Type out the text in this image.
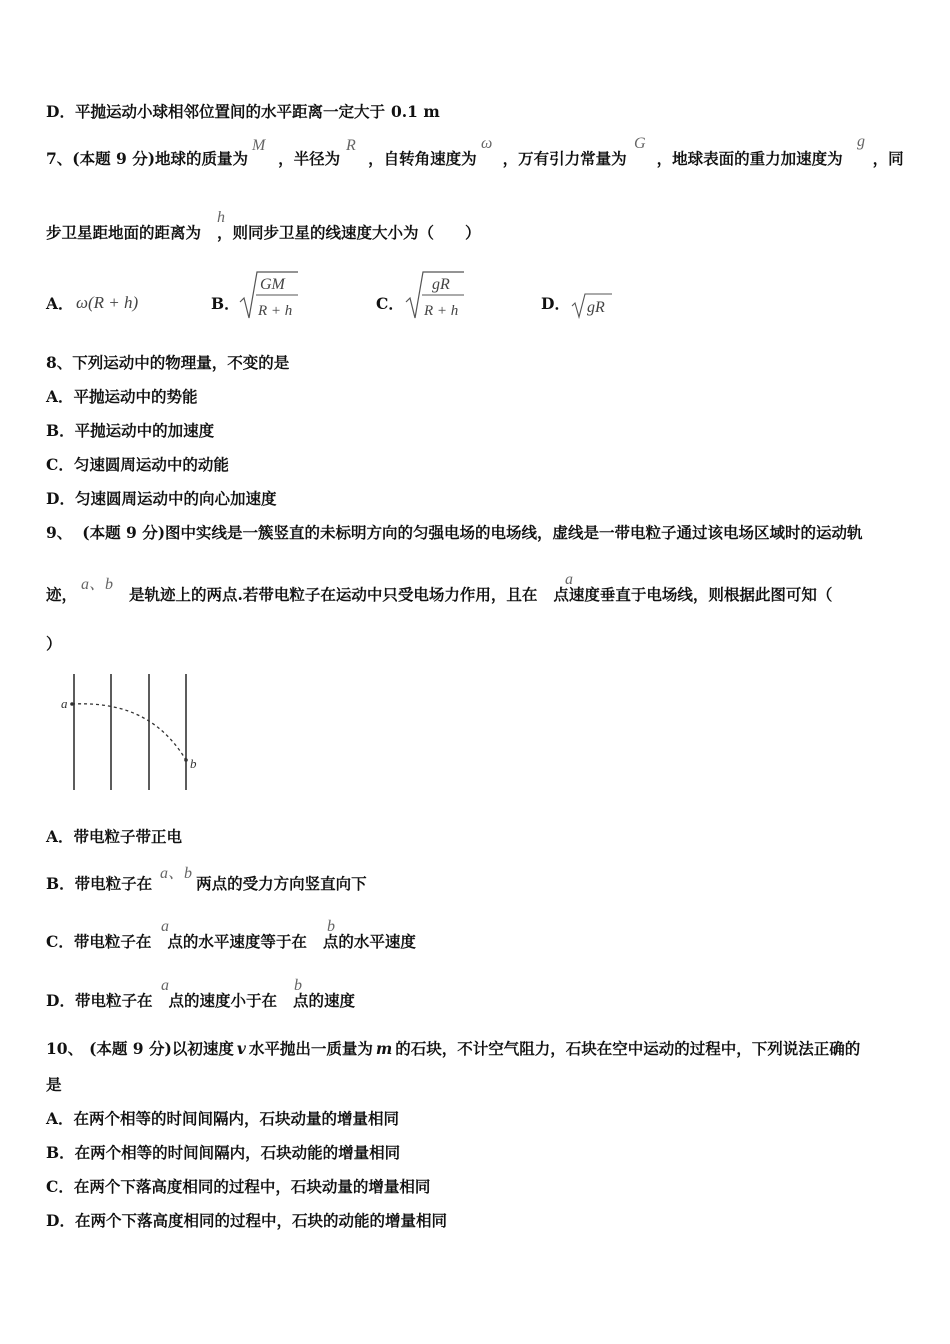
D．平抛运动小球相邻位置间的水平距离一定大于 0.1 m
7、(本题 9 分)地球的质量为 ，半径为 ，自转角速度为 ，万有引力常量为 ，地球表面的重力加速度为 ，同
M	R	ω	G	g
步卫星距地面的距离为 ，则同步卫星的线速度大小为（　　）
h
A． ω(R + h)	B．
GM
R + h	C．
gR
R + h	D． gR
8、下列运动中的物理量，不变的是
A．平抛运动中的势能
B．平抛运动中的加速度
C．匀速圆周运动中的动能
D．匀速圆周运动中的向心加速度
9、 (本题 9 分)图中实线是一簇竖直的未标明方向的匀强电场的电场线，虚线是一带电粒子通过该电场区域时的运动轨
迹，	是轨迹上的两点.若带电粒子在运动中只受电场力作用，且在 点速度垂直于电场线，则根据此图可知（
a、b	a
）
a
b
A．带电粒子带正电
B．带电粒子在	两点的受力方向竖直向下
a、b
C．带电粒子在 点的水平速度等于在 点的水平速度
a	b
D．带电粒子在 点的速度小于在 点的速度
a	b
10、 (本题 9 分)以初速度 v 水平抛出一质量为 m 的石块，不计空气阻力，石块在空中运动的过程中，下列说法正确的
是
A．在两个相等的时间间隔内，石块动量的增量相同
B．在两个相等的时间间隔内，石块动能的增量相同
C．在两个下落高度相同的过程中，石块动量的增量相同
D．在两个下落高度相同的过程中，石块的动能的增量相同
